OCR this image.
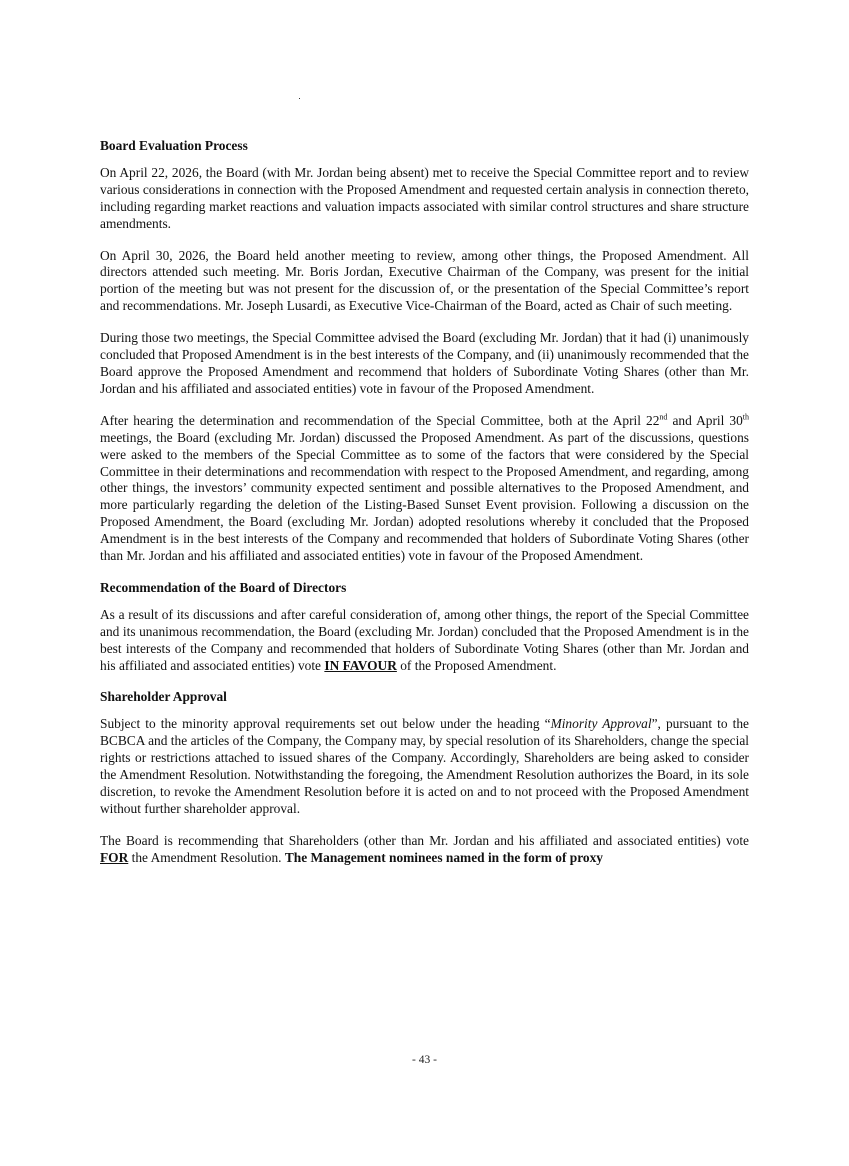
Board Evaluation Process

On April 22, 2026, the Board (with Mr. Jordan being absent) met to receive the Special Committee report and to review various considerations in connection with the Proposed Amendment and requested certain analysis in connection thereto, including regarding market reactions and valuation impacts associated with similar control structures and share structure amendments.

On April 30, 2026, the Board held another meeting to review, among other things, the Proposed Amendment. All directors attended such meeting. Mr. Boris Jordan, Executive Chairman of the Company, was present for the initial portion of the meeting but was not present for the discussion of, or the presentation of the Special Committee’s report and recommendations. Mr. Joseph Lusardi, as Executive Vice-Chairman of the Board, acted as Chair of such meeting.

During those two meetings, the Special Committee advised the Board (excluding Mr. Jordan) that it had (i) unanimously concluded that Proposed Amendment is in the best interests of the Company, and (ii) unanimously recommended that the Board approve the Proposed Amendment and recommend that holders of Subordinate Voting Shares (other than Mr. Jordan and his affiliated and associated entities) vote in favour of the Proposed Amendment.

After hearing the determination and recommendation of the Special Committee, both at the April 22nd and April 30th meetings, the Board (excluding Mr. Jordan) discussed the Proposed Amendment. As part of the discussions, questions were asked to the members of the Special Committee as to some of the factors that were considered by the Special Committee in their determinations and recommendation with respect to the Proposed Amendment, and regarding, among other things, the investors’ community expected sentiment and possible alternatives to the Proposed Amendment, and more particularly regarding the deletion of the Listing-Based Sunset Event provision. Following a discussion on the Proposed Amendment, the Board (excluding Mr. Jordan) adopted resolutions whereby it concluded that the Proposed Amendment is in the best interests of the Company and recommended that holders of Subordinate Voting Shares (other than Mr. Jordan and his affiliated and associated entities) vote in favour of the Proposed Amendment.

Recommendation of the Board of Directors

As a result of its discussions and after careful consideration of, among other things, the report of the Special Committee and its unanimous recommendation, the Board (excluding Mr. Jordan) concluded that the Proposed Amendment is in the best interests of the Company and recommended that holders of Subordinate Voting Shares (other than Mr. Jordan and his affiliated and associated entities) vote IN FAVOUR of the Proposed Amendment.

Shareholder Approval

Subject to the minority approval requirements set out below under the heading “Minority Approval”, pursuant to the BCBCA and the articles of the Company, the Company may, by special resolution of its Shareholders, change the special rights or restrictions attached to issued shares of the Company. Accordingly, Shareholders are being asked to consider the Amendment Resolution. Notwithstanding the foregoing, the Amendment Resolution authorizes the Board, in its sole discretion, to revoke the Amendment Resolution before it is acted on and to not proceed with the Proposed Amendment without further shareholder approval.

The Board is recommending that Shareholders (other than Mr. Jordan and his affiliated and associated entities) vote FOR the Amendment Resolution. The Management nominees named in the form of proxy

- 43 -
